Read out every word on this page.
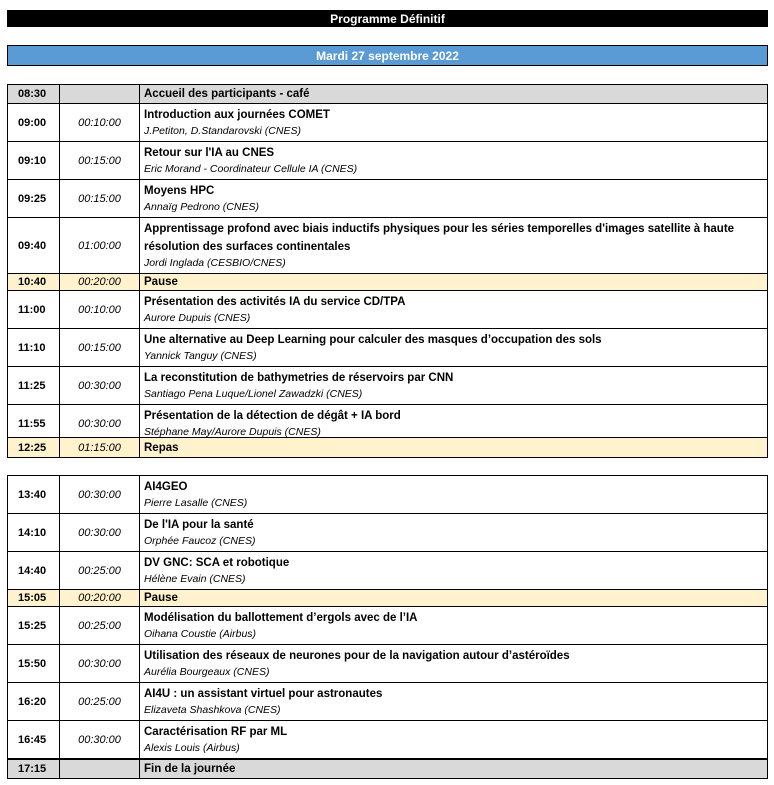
Programme Définitif
Mardi 27 septembre 2022
08:30		Accueil des participants - café
09:00	00:10:00	Introduction aux journées COMET
J.Petiton, D.Standarovski (CNES)

09:10	00:15:00	Retour sur l'IA au CNES
Eric Morand - Coordinateur Cellule IA (CNES)

09:25	00:15:00	Moyens HPC
Annaïg Pedrono (CNES)

09:40	01:00:00	Apprentissage profond avec biais inductifs physiques pour les séries temporelles d'images satellite à haute résolution des surfaces continentales
Jordi Inglada (CESBIO/CNES)

10:40	00:20:00	Pause
11:00	00:10:00	Présentation des activités IA du service CD/TPA
Aurore Dupuis (CNES)

11:10	00:15:00	Une alternative au Deep Learning pour calculer des masques d’occupation des sols
Yannick Tanguy (CNES)

11:25	00:30:00	La reconstitution de bathymetries de réservoirs par CNN
Santiago Pena Luque/Lionel Zawadzki (CNES)

11:55	00:30:00	Présentation de la détection de dégât + IA bord
Stéphane May/Aurore Dupuis (CNES)
12:25	01:15:00	Repas
13:40	00:30:00	AI4GEO
Pierre Lasalle (CNES)

14:10	00:30:00	De l'IA pour la santé
Orphée Faucoz (CNES)

14:40	00:25:00	DV GNC: SCA et robotique
Hélène Evain (CNES)

15:05	00:20:00	Pause
15:25	00:25:00	Modélisation du ballottement d’ergols avec de l’IA
Oihana Coustie (Airbus)

15:50	00:30:00	Utilisation des réseaux de neurones pour de la navigation autour d’astéroïdes
Aurélia Bourgeaux (CNES)

16:20	00:25:00	AI4U : un assistant virtuel pour astronautes
Elizaveta Shashkova (CNES)

16:45	00:30:00	Caractérisation RF par ML
Alexis Louis (Airbus)
17:15		Fin de la journée
